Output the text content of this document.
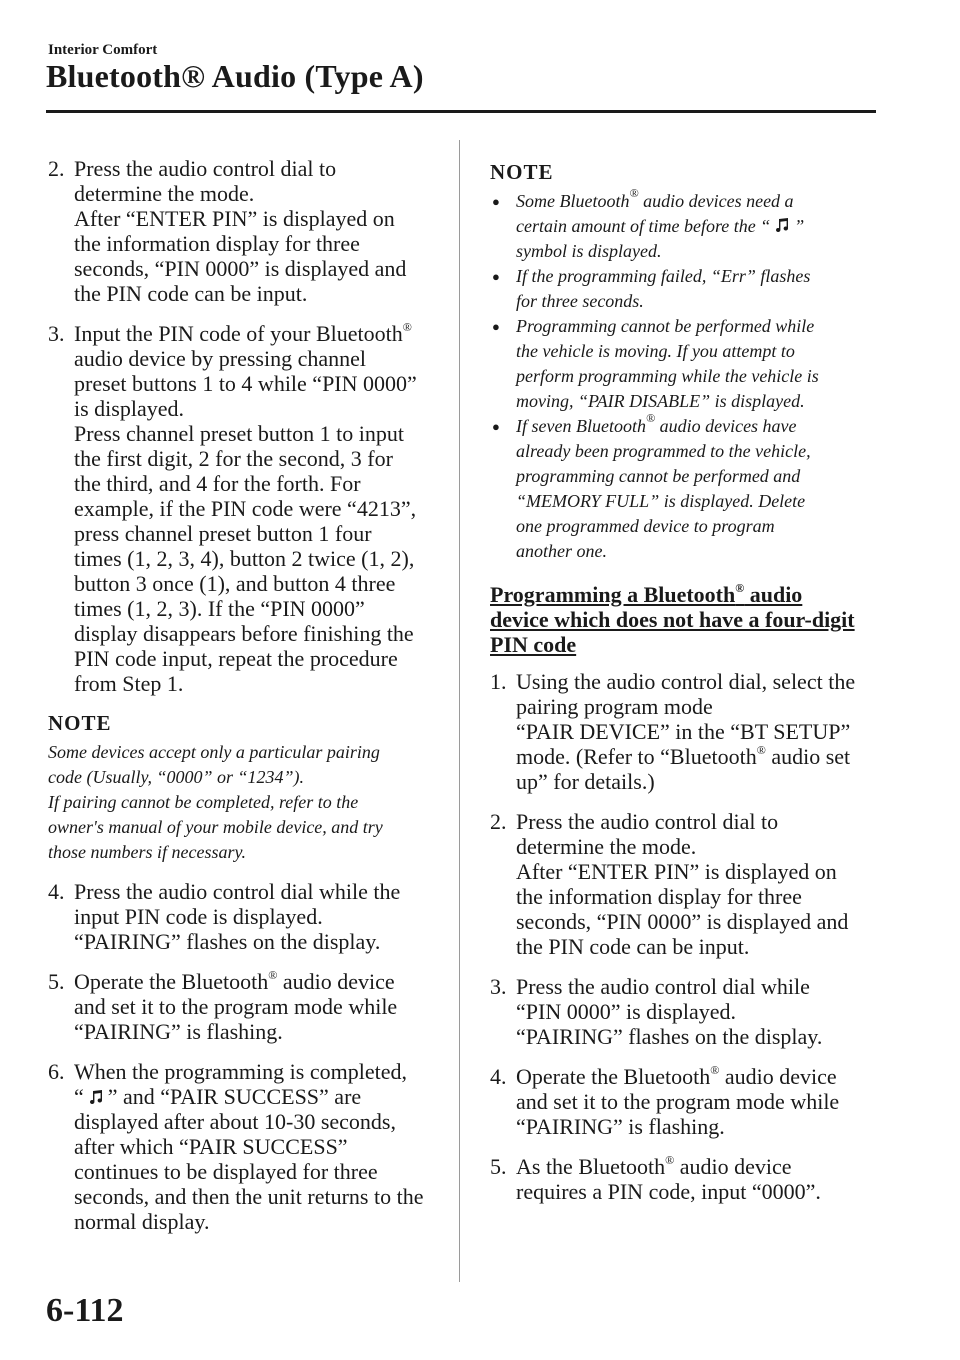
Interior Comfort
Bluetooth® Audio (Type A)
2. Press the audio control dial to

determine the mode.

After “ENTER PIN” is displayed on

the information display for three

seconds, “PIN 0000” is displayed and

the PIN code can be input.

3. Input the PIN code of your Bluetooth®

audio device by pressing channel

preset buttons 1 to 4 while “PIN 0000”

is displayed.

Press channel preset button 1 to input

the first digit, 2 for the second, 3 for

the third, and 4 for the forth. For

example, if the PIN code were “4213”,

press channel preset button 1 four

times (1, 2, 3, 4), button 2 twice (1, 2),

button 3 once (1), and button 4 three

times (1, 2, 3). If the “PIN 0000”

display disappears before finishing the

PIN code input, repeat the procedure

from Step 1.

NOTE

Some devices accept only a particular pairing

code (Usually, “0000” or “1234”).

If pairing cannot be completed, refer to the

owner's manual of your mobile device, and try

those numbers if necessary.

4. Press the audio control dial while the

input PIN code is displayed.

“PAIRING” flashes on the display.

5. Operate the Bluetooth® audio device

and set it to the program mode while

“PAIRING” is flashing.

6. When the programming is completed,

“ ” and “PAIR SUCCESS” are

displayed after about 10-30 seconds,

after which “PAIR SUCCESS”

continues to be displayed for three

seconds, and then the unit returns to the

normal display.

NOTE
● Some Bluetooth® audio devices need a
certain amount of time before the “ ”
symbol is displayed.
● If the programming failed, “Err” flashes
for three seconds.
● Programming cannot be performed while
the vehicle is moving. If you attempt to
perform programming while the vehicle is
moving, “PAIR DISABLE” is displayed.
● If seven Bluetooth® audio devices have
already been programmed to the vehicle,
programming cannot be performed and
“MEMORY FULL” is displayed. Delete
one programmed device to program
another one.
Programming a Bluetooth® audio
device which does not have a four-digit
PIN code
1. Using the audio control dial, select the

pairing program mode

“PAIR DEVICE” in the “BT SETUP”

mode. (Refer to “Bluetooth® audio set

up” for details.)

2. Press the audio control dial to

determine the mode.

After “ENTER PIN” is displayed on

the information display for three

seconds, “PIN 0000” is displayed and

the PIN code can be input.

3. Press the audio control dial while

“PIN 0000” is displayed.

“PAIRING” flashes on the display.

4. Operate the Bluetooth® audio device

and set it to the program mode while

“PAIRING” is flashing.

5. As the Bluetooth® audio device

requires a PIN code, input “0000”.

6-112
